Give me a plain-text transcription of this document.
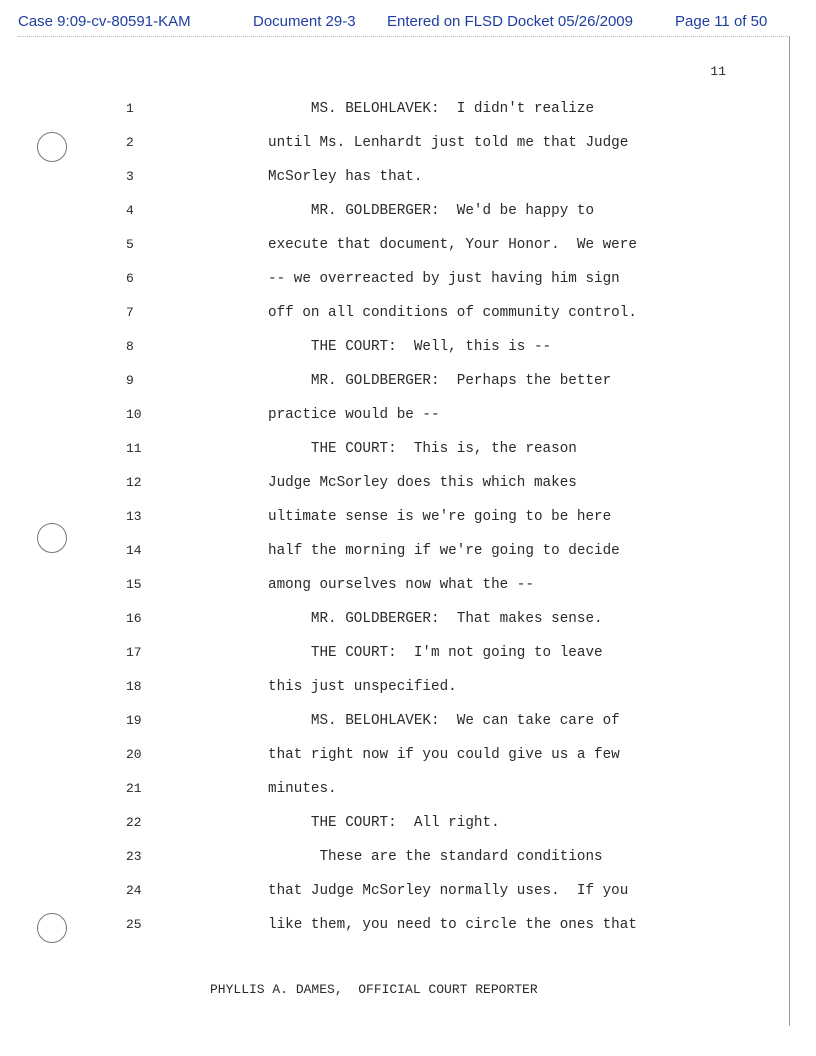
Case 9:09-cv-80591-KAM	Document 29-3 Entered on FLSD Docket 05/26/2009	Page 11 of 50
11
1	MS. BELOHLAVEK:  I didn't realize
2	until Ms. Lenhardt just told me that Judge
3	McSorley has that.
4	MR. GOLDBERGER:  We'd be happy to
5	execute that document, Your Honor.  We were
6	-- we overreacted by just having him sign
7	off on all conditions of community control.
8	THE COURT:  Well, this is --
9	MR. GOLDBERGER:  Perhaps the better
10	practice would be --
11	THE COURT:  This is, the reason
12	Judge McSorley does this which makes
13	ultimate sense is we're going to be here
14	half the morning if we're going to decide
15	among ourselves now what the --
16	MR. GOLDBERGER:  That makes sense.
17	THE COURT:  I'm not going to leave
18	this just unspecified.
19	MS. BELOHLAVEK:  We can take care of
20	that right now if you could give us a few
21	minutes.
22	THE COURT:  All right.
23	These are the standard conditions
24	that Judge McSorley normally uses.  If you
25	like them, you need to circle the ones that
PHYLLIS A. DAMES,  OFFICIAL COURT REPORTER
